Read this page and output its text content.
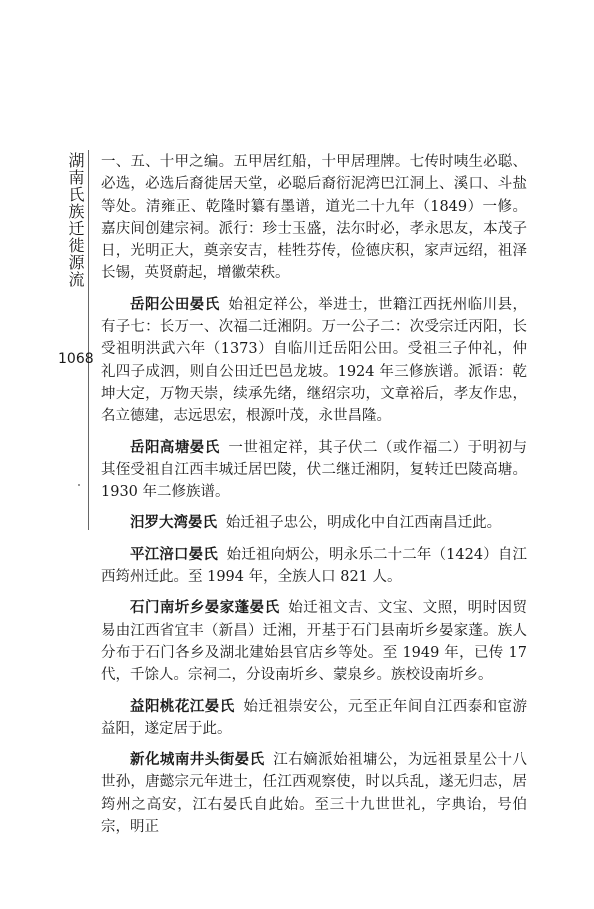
湖南氏族迁徙源流
1068

一、五、十甲之编。五甲居红船，十甲居理牌。七传时咦生必聪、必选，必选后裔徙居天堂，必聪后裔衍泥湾巴江洞上、溪口、斗盐等处。清雍正、乾隆时纂有墨谱，道光二十九年（1849）一修。嘉庆间创建宗祠。派行：珍士玉盛，法尔时必，孝永思友，本茂子日，光明正大，奠亲安吉，桂牲芬传，俭德庆积，家声远绍，祖泽长锡，英贤蔚起，增徽荣秩。

岳阳公田晏氏 始祖定祥公，举进士，世籍江西抚州临川县，有子七：长万一、次福二迁湘阴。万一公子二：次受宗迁丙阳，长受祖明洪武六年（1373）自临川迁岳阳公田。受祖三子仲礼，仲礼四子成泗，则自公田迁巴邑龙坡。1924 年三修族谱。派语：乾坤大定，万物天崇，续承先绪，继绍宗功，文章裕后，孝友作忠，名立德建，志远思宏，根源叶茂，永世昌隆。

岳阳高塘晏氏 一世祖定祥，其子伏二（或作福二）于明初与其侄受祖自江西丰城迁居巴陵，伏二继迁湘阴，复转迁巴陵高塘。1930 年二修族谱。

汨罗大湾晏氏 始迁祖子忠公，明成化中自江西南昌迁此。

平江涪口晏氏 始迁祖向炳公，明永乐二十二年（1424）自江西筠州迁此。至 1994 年，全族人口 821 人。

石门南圻乡晏家蓬晏氏 始迁祖文吉、文宝、文照，明时因贸易由江西省宜丰（新昌）迁湘，开基于石门县南圻乡晏家蓬。族人分布于石门各乡及湖北建始县官店乡等处。至 1949 年，已传 17 代，千馀人。宗祠二，分设南圻乡、蒙泉乡。族校设南圻乡。

益阳桃花江晏氏 始迁祖崇安公，元至正年间自江西泰和宦游益阳，遂定居于此。

新化城南井头街晏氏 江右嫡派始祖墉公，为远祖景星公十八世孙，唐懿宗元年进士，任江西观察使，时以兵乱，遂无归志，居筠州之高安，江右晏氏自此始。至三十九世世礼，字典诒，号伯宗，明正
